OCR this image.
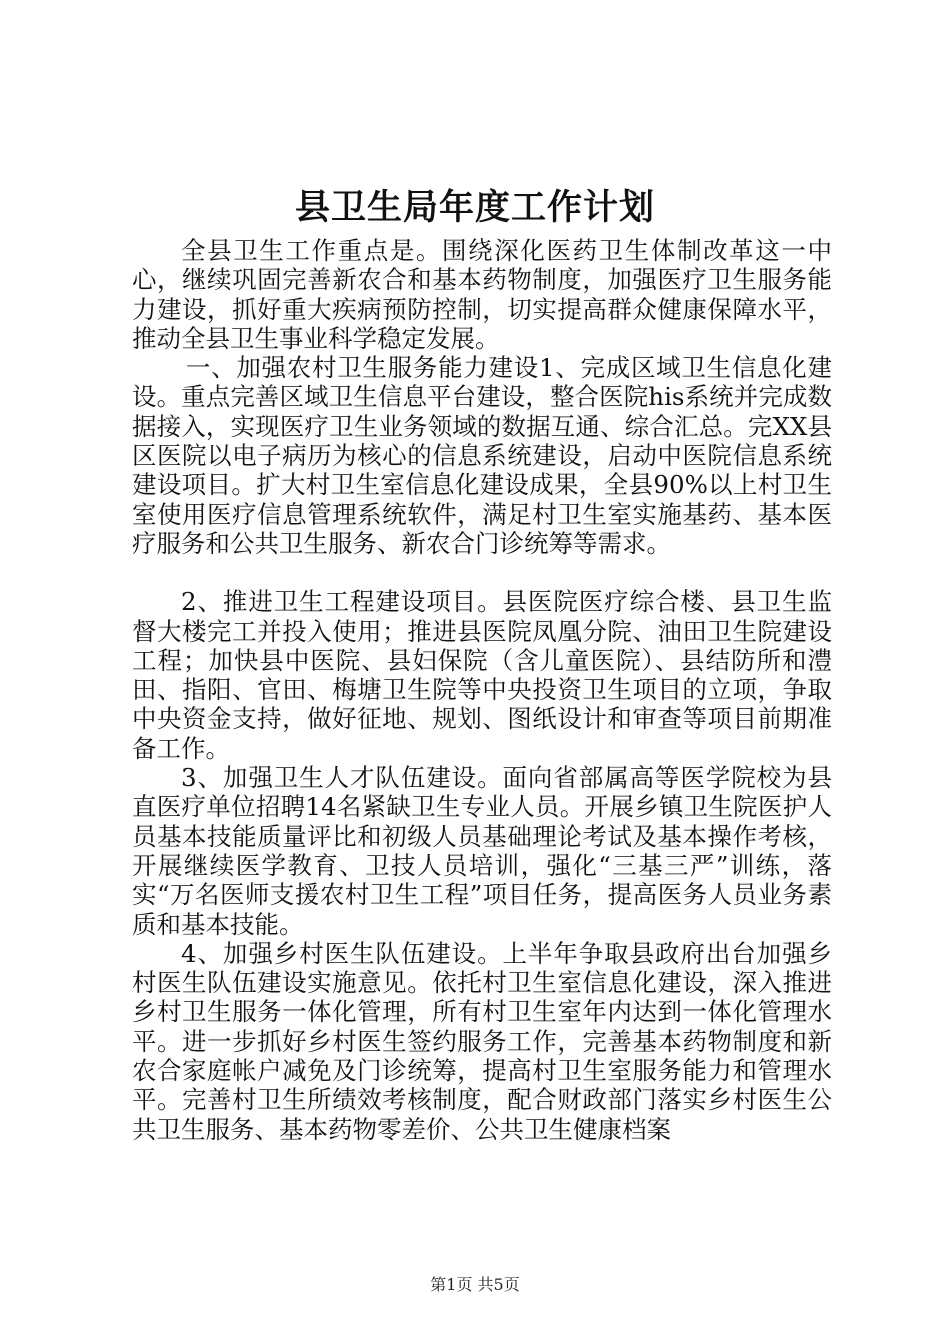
县卫生局年度工作计划

全县卫生工作重点是。围绕深化医药卫生体制改革这一中心，继续巩固完善新农合和基本药物制度，加强医疗卫生服务能力建设，抓好重大疾病预防控制，切实提高群众健康保障水平，推动全县卫生事业科学稳定发展。

一、加强农村卫生服务能力建设1、完成区域卫生信息化建设。重点完善区域卫生信息平台建设，整合医院his系统并完成数据接入，实现医疗卫生业务领域的数据互通、综合汇总。完XX县区医院以电子病历为核心的信息系统建设，启动中医院信息系统建设项目。扩大村卫生室信息化建设成果，全县90%以上村卫生室使用医疗信息管理系统软件，满足村卫生室实施基药、基本医疗服务和公共卫生服务、新农合门诊统筹等需求。

2、推进卫生工程建设项目。县医院医疗综合楼、县卫生监督大楼完工并投入使用；推进县医院凤凰分院、油田卫生院建设工程；加快县中医院、县妇保院（含儿童医院）、县结防所和澧田、指阳、官田、梅塘卫生院等中央投资卫生项目的立项，争取中央资金支持，做好征地、规划、图纸设计和审查等项目前期准备工作。

3、加强卫生人才队伍建设。面向省部属高等医学院校为县直医疗单位招聘14名紧缺卫生专业人员。开展乡镇卫生院医护人员基本技能质量评比和初级人员基础理论考试及基本操作考核，开展继续医学教育、卫技人员培训，强化“三基三严”训练，落实“万名医师支援农村卫生工程”项目任务，提高医务人员业务素质和基本技能。

4、加强乡村医生队伍建设。上半年争取县政府出台加强乡村医生队伍建设实施意见。依托村卫生室信息化建设，深入推进乡村卫生服务一体化管理，所有村卫生室年内达到一体化管理水平。进一步抓好乡村医生签约服务工作，完善基本药物制度和新农合家庭帐户减免及门诊统筹，提高村卫生室服务能力和管理水平。完善村卫生所绩效考核制度，配合财政部门落实乡村医生公共卫生服务、基本药物零差价、公共卫生健康档案

第1页 共5页
